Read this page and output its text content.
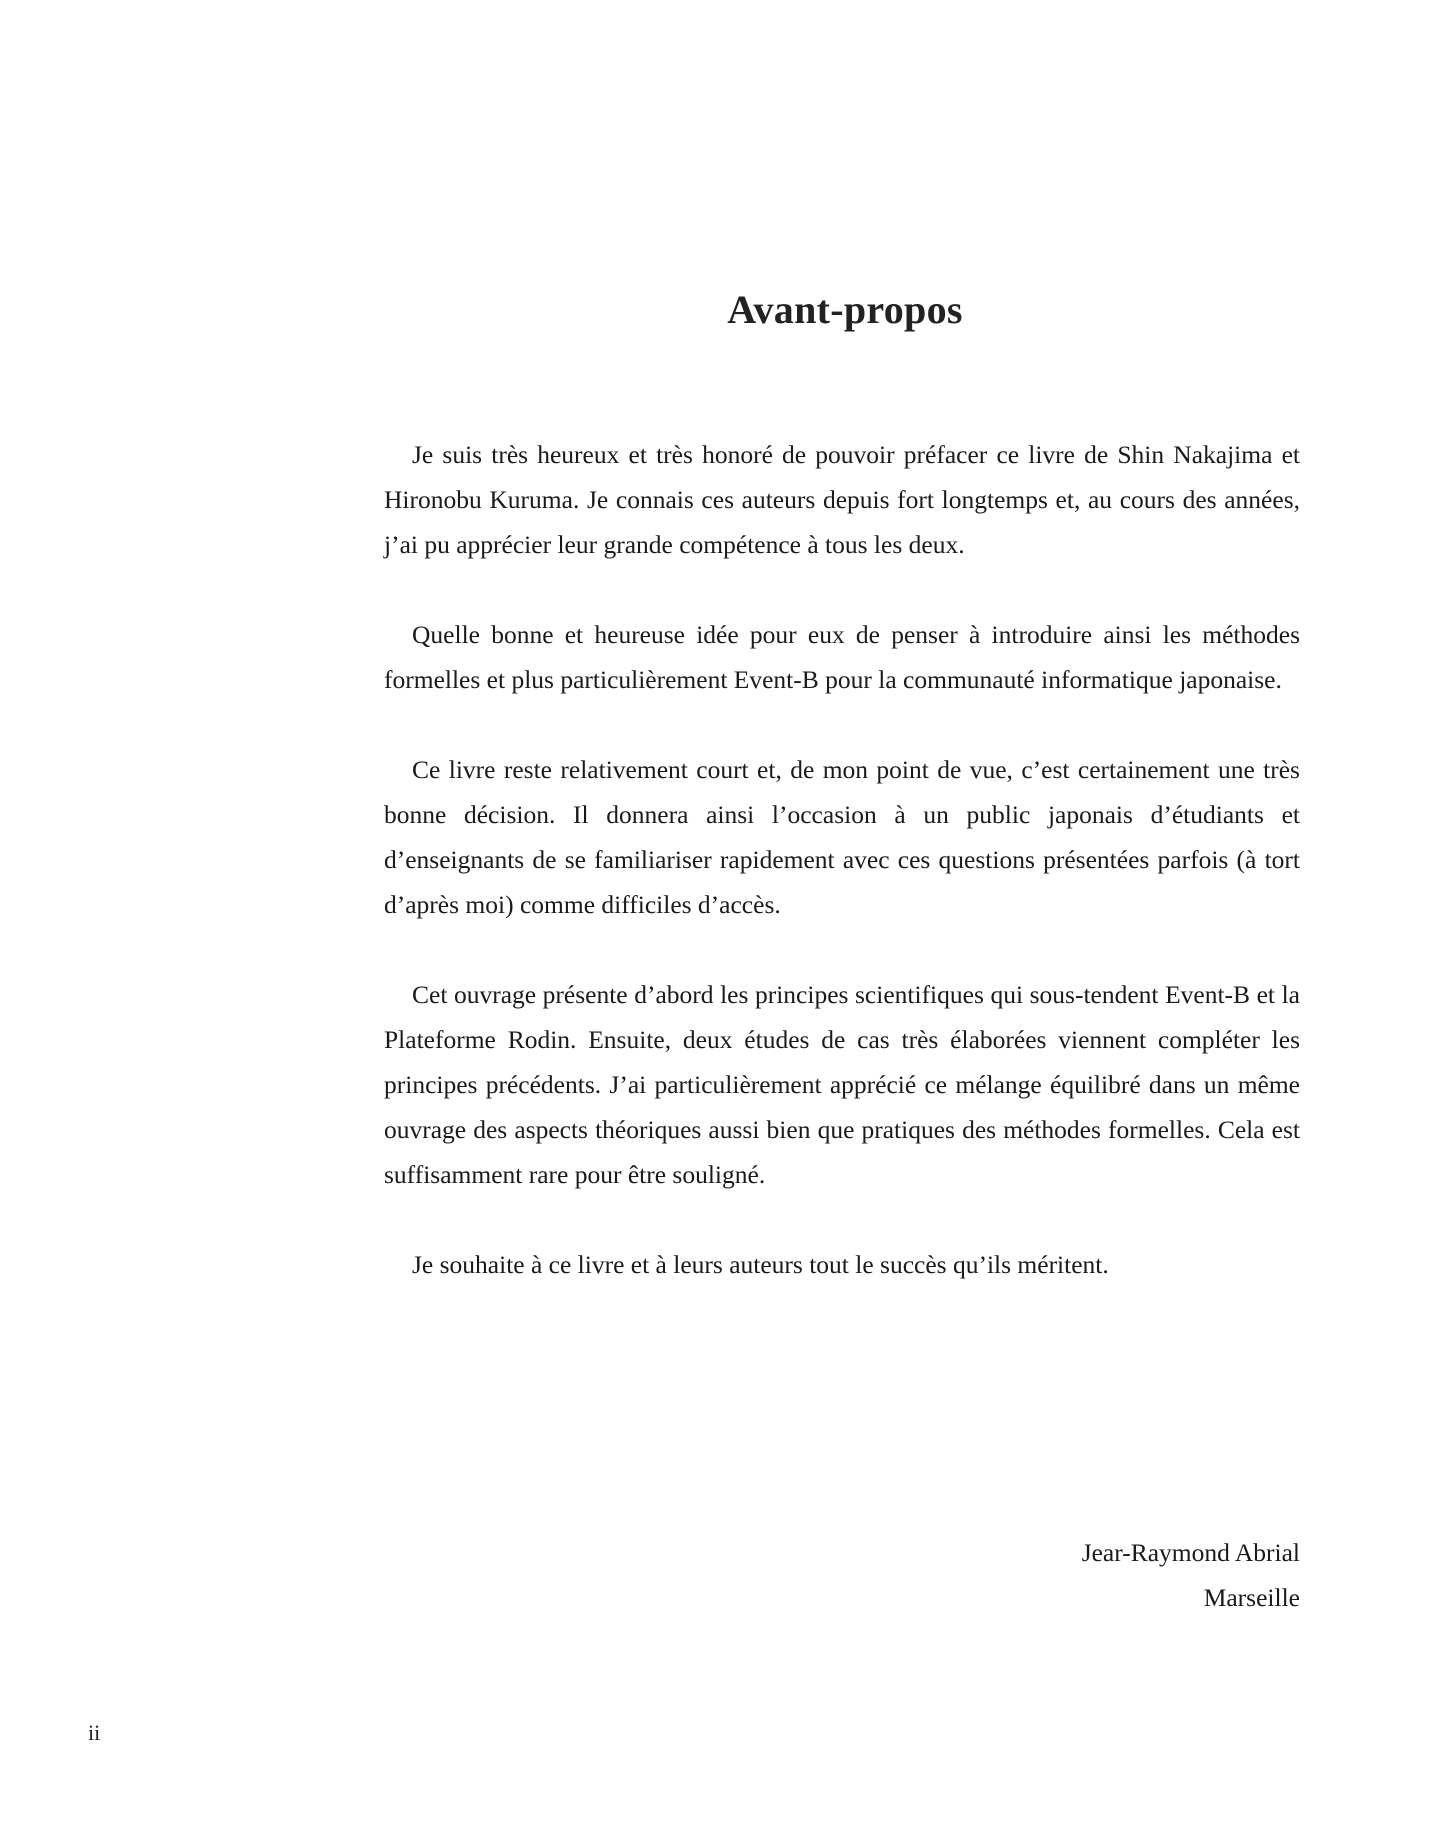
Avant-propos

Je suis très heureux et très honoré de pouvoir préfacer ce livre de Shin Nakajima et Hironobu Kuruma. Je connais ces auteurs depuis fort longtemps et, au cours des années, j’ai pu apprécier leur grande compétence à tous les deux.

Quelle bonne et heureuse idée pour eux de penser à introduire ainsi les méthodes formelles et plus particulièrement Event-B pour la communauté informatique japonaise.

Ce livre reste relativement court et, de mon point de vue, c’est certainement une très bonne décision. Il donnera ainsi l’occasion à un public japonais d’étudiants et d’enseignants de se familiariser rapidement avec ces questions présentées parfois (à tort d’après moi) comme difficiles d’accès.

Cet ouvrage présente d’abord les principes scientifiques qui sous-tendent Event-B et la Plateforme Rodin. Ensuite, deux études de cas très élaborées viennent compléter les principes précédents. J’ai particulièrement apprécié ce mélange équilibré dans un même ouvrage des aspects théoriques aussi bien que pratiques des méthodes formelles. Cela est suffisamment rare pour être souligné.

Je souhaite à ce livre et à leurs auteurs tout le succès qu’ils méritent.

Jear-Raymond Abrial
Marseille
ii
